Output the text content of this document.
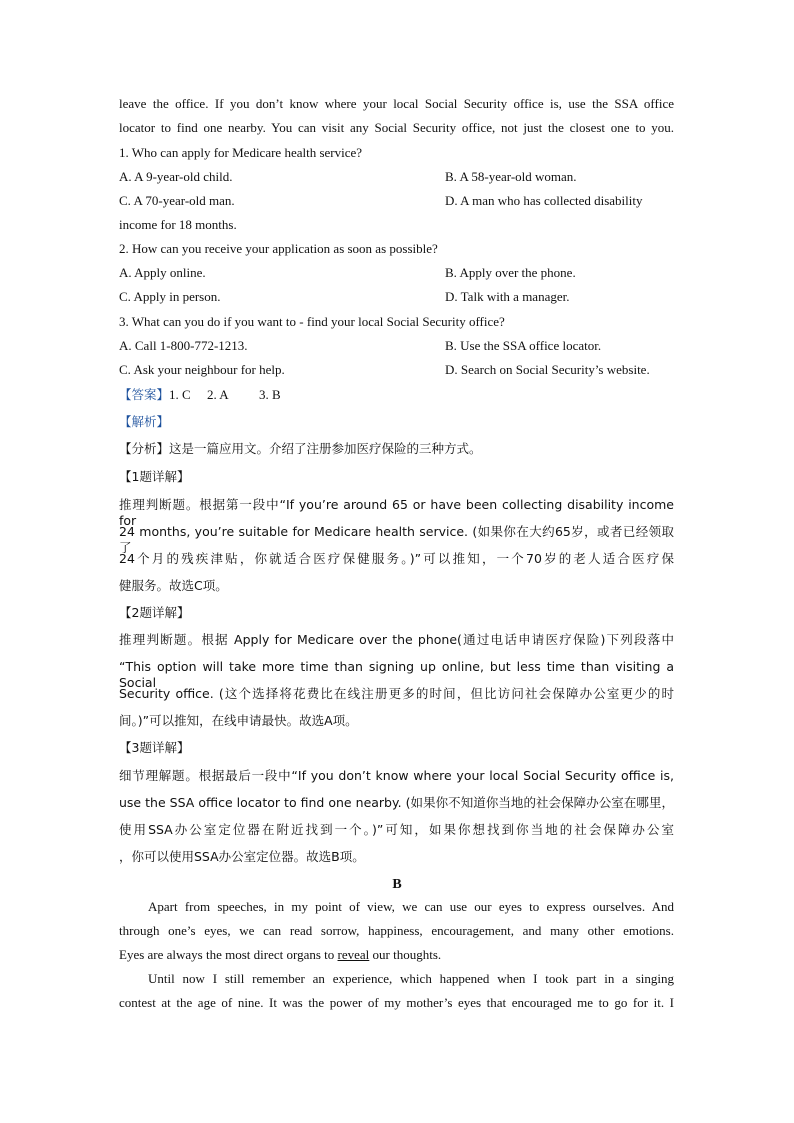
leave the office. If you don’t know where your local Social Security office is, use the SSA office
locator to find one nearby. You can visit any Social Security office, not just the closest one to you.
1. Who can apply for Medicare health service?
A. A 9-year-old child.	B. A 58-year-old woman.
C. A 70-year-old man.	D. A man who has collected disability
income for 18 months.
2. How can you receive your application as soon as possible?
A. Apply online.	B. Apply over the phone.
C. Apply in person.	D. Talk with a manager.
3. What can you do if you want to - find your local Social Security office?
A. Call 1-800-772-1213.	B. Use the SSA office locator.
C. Ask your neighbour for help.	D. Search on Social Security’s website.
【答案】1. C 2. A 3. B
【解析】
【分析】这是一篇应用文。介绍了注册参加医疗保险的三种方式。
【1题详解】
推理判断题。根据第一段中“If you’re around 65 or have been collecting disability income for
24 months, you’re suitable for Medicare health service. (如果你在大约65岁，或者已经领取了
24个月的残疾津贴，你就适合医疗保健服务。)”可以推知，一个70岁的老人适合医疗保
健服务。故选C项。
【2题详解】
推理判断题。根据 Apply for Medicare over the phone(通过电话申请医疗保险)下列段落中
“This option will take more time than signing up online, but less time than visiting a Social
Security office. (这个选择将花费比在线注册更多的时间，但比访问社会保障办公室更少的时
间。)”可以推知，在线申请最快。故选A项。
【3题详解】
细节理解题。根据最后一段中“If you don’t know where your local Social Security office is,
use the SSA office locator to find one nearby. (如果你不知道你当地的社会保障办公室在哪里，
使用SSA办公室定位器在附近找到一个。)”可知，如果你想找到你当地的社会保障办公室
，你可以使用SSA办公室定位器。故选B项。
B
Apart from speeches, in my point of view, we can use our eyes to express ourselves. And
through one’s eyes, we can read sorrow, happiness, encouragement, and many other emotions.
Eyes are always the most direct organs to reveal our thoughts.
Until now I still remember an experience, which happened when I took part in a singing
contest at the age of nine. It was the power of my mother’s eyes that encouraged me to go for it. I
